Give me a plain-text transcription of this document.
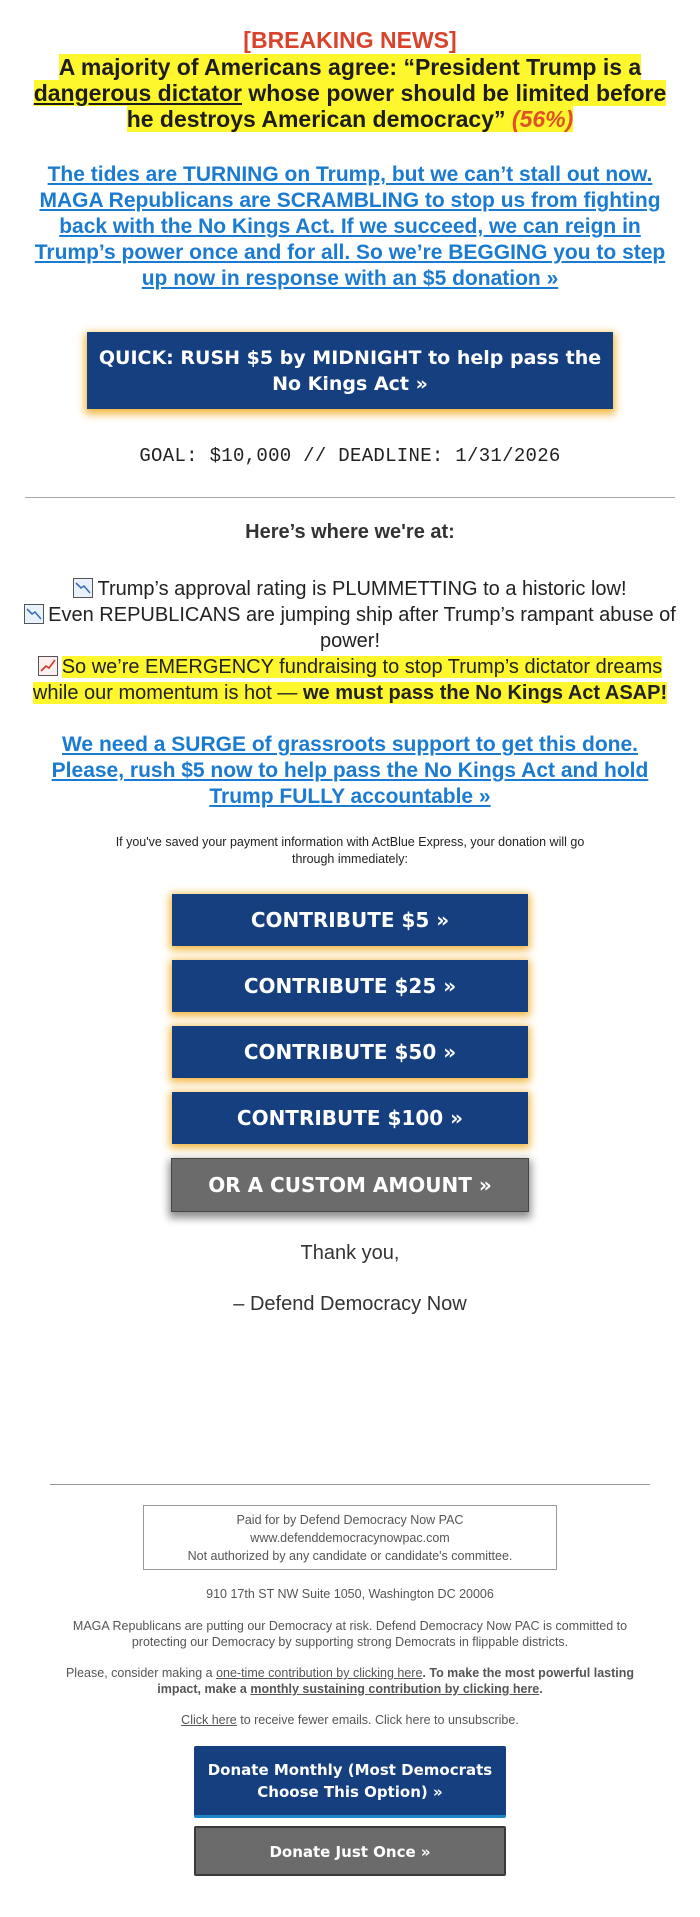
[BREAKING NEWS]
A majority of Americans agree: “President Trump is a dangerous dictator whose power should be limited before he destroys American democracy” (56%)
The tides are TURNING on Trump, but we can’t stall out now. MAGA Republicans are SCRAMBLING to stop us from fighting back with the No Kings Act. If we succeed, we can reign in Trump’s power once and for all. So we’re BEGGING you to step up now in response with an $5 donation »
QUICK: RUSH $5 by MIDNIGHT to help pass the
No Kings Act »
GOAL: $10,000 // DEADLINE: 1/31/2026
Here’s where we're at:
Trump’s approval rating is PLUMMETTING to a historic low!
Even REPUBLICANS are jumping ship after Trump’s rampant abuse of power!
So we’re EMERGENCY fundraising to stop Trump’s dictator dreams while our momentum is hot — we must pass the No Kings Act ASAP!
We need a SURGE of grassroots support to get this done. Please, rush $5 now to help pass the No Kings Act and hold Trump FULLY accountable »
If you've saved your payment information with ActBlue Express, your donation will go through immediately:
CONTRIBUTE $5 »
CONTRIBUTE $25 »
CONTRIBUTE $50 »
CONTRIBUTE $100 »
OR A CUSTOM AMOUNT »
Thank you,
– Defend Democracy Now
Paid for by Defend Democracy Now PAC
www.defenddemocracynowpac.com
Not authorized by any candidate or candidate's committee.
910 17th ST NW Suite 1050, Washington DC 20006
MAGA Republicans are putting our Democracy at risk. Defend Democracy Now PAC is committed to protecting our Democracy by supporting strong Democrats in flippable districts.
Please, consider making a one-time contribution by clicking here. To make the most powerful lasting impact, make a monthly sustaining contribution by clicking here.
Click here to receive fewer emails. Click here to unsubscribe.
Donate Monthly (Most Democrats
Choose This Option) »
Donate Just Once »
